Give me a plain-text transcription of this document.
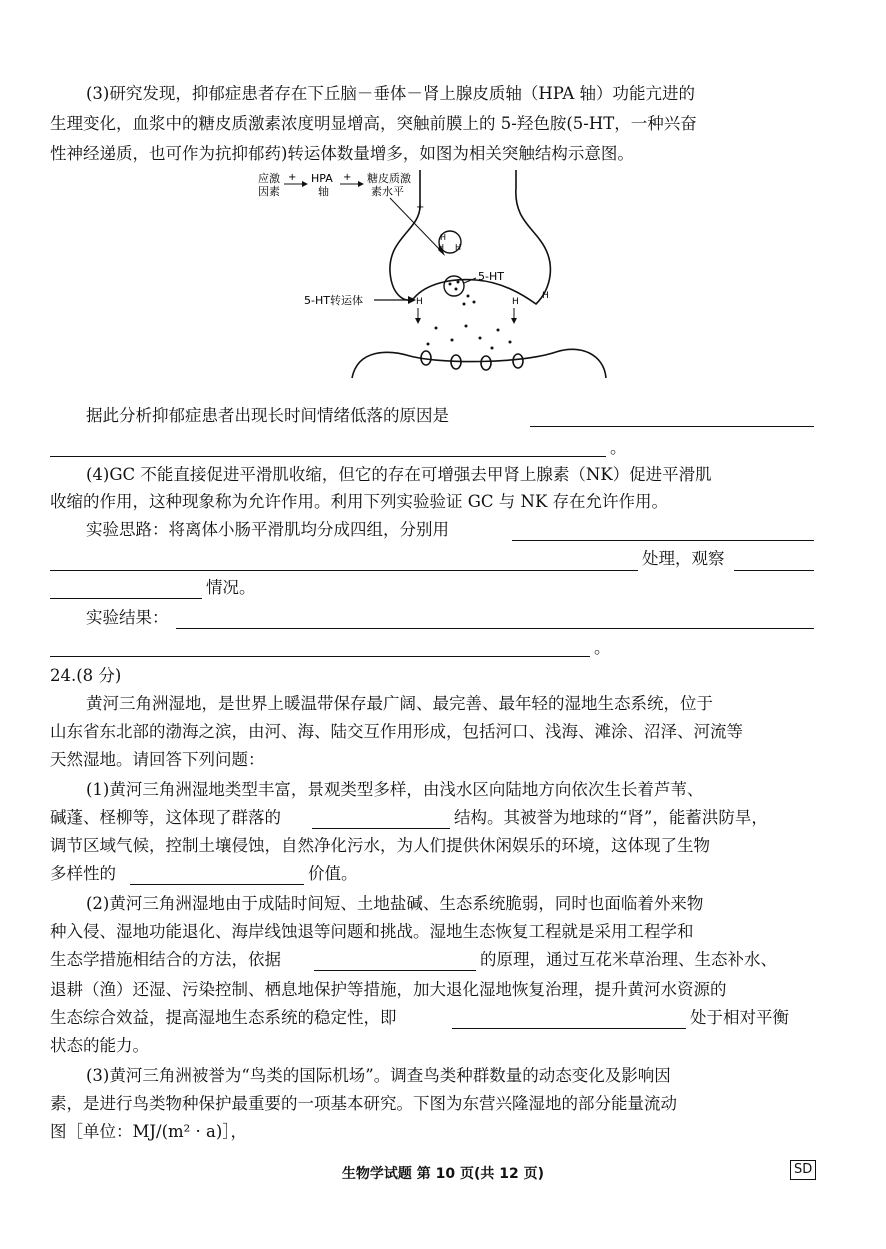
(3)研究发现，抑郁症患者存在下丘脑－垂体－肾上腺皮质轴（HPA 轴）功能亢进的
生理变化，血浆中的糖皮质激素浓度明显增高，突触前膜上的 5-羟色胺(5-HT，一种兴奋
性神经递质，也可作为抗抑郁药)转运体数量增多，如图为相关突触结构示意图。
应激
因素
+ HPA
轴
+ 糖皮质激
素水平
+
H
H H
5-HT
5-HT转运体	H	H
H
据此分析抑郁症患者出现长时间情绪低落的原因是
。
(4)GC 不能直接促进平滑肌收缩，但它的存在可增强去甲肾上腺素（NK）促进平滑肌
收缩的作用，这种现象称为允许作用。利用下列实验验证 GC 与 NK 存在允许作用。
实验思路：将离体小肠平滑肌均分成四组，分别用
处理，观察
情况。
实验结果：
。
24.(8 分)
黄河三角洲湿地，是世界上暖温带保存最广阔、最完善、最年轻的湿地生态系统，位于
山东省东北部的渤海之滨，由河、海、陆交互作用形成，包括河口、浅海、滩涂、沼泽、河流等
天然湿地。请回答下列问题：
(1)黄河三角洲湿地类型丰富，景观类型多样，由浅水区向陆地方向依次生长着芦苇、
碱蓬、柽柳等，这体现了群落的	结构。其被誉为地球的“肾”，能蓄洪防旱，
调节区域气候，控制土壤侵蚀，自然净化污水，为人们提供休闲娱乐的环境，这体现了生物
多样性的	价值。
(2)黄河三角洲湿地由于成陆时间短、土地盐碱、生态系统脆弱，同时也面临着外来物
种入侵、湿地功能退化、海岸线蚀退等问题和挑战。湿地生态恢复工程就是采用工程学和
生态学措施相结合的方法，依据	的原理，通过互花米草治理、生态补水、
退耕（渔）还湿、污染控制、栖息地保护等措施，加大退化湿地恢复治理，提升黄河水资源的
生态综合效益，提高湿地生态系统的稳定性，即	处于相对平衡
状态的能力。
(3)黄河三角洲被誉为“鸟类的国际机场”。调查鸟类种群数量的动态变化及影响因
素，是进行鸟类物种保护最重要的一项基本研究。下图为东营兴隆湿地的部分能量流动
图［单位：MJ/(m² · a)］，
生物学试题 第 10 页(共 12 页)	SD
